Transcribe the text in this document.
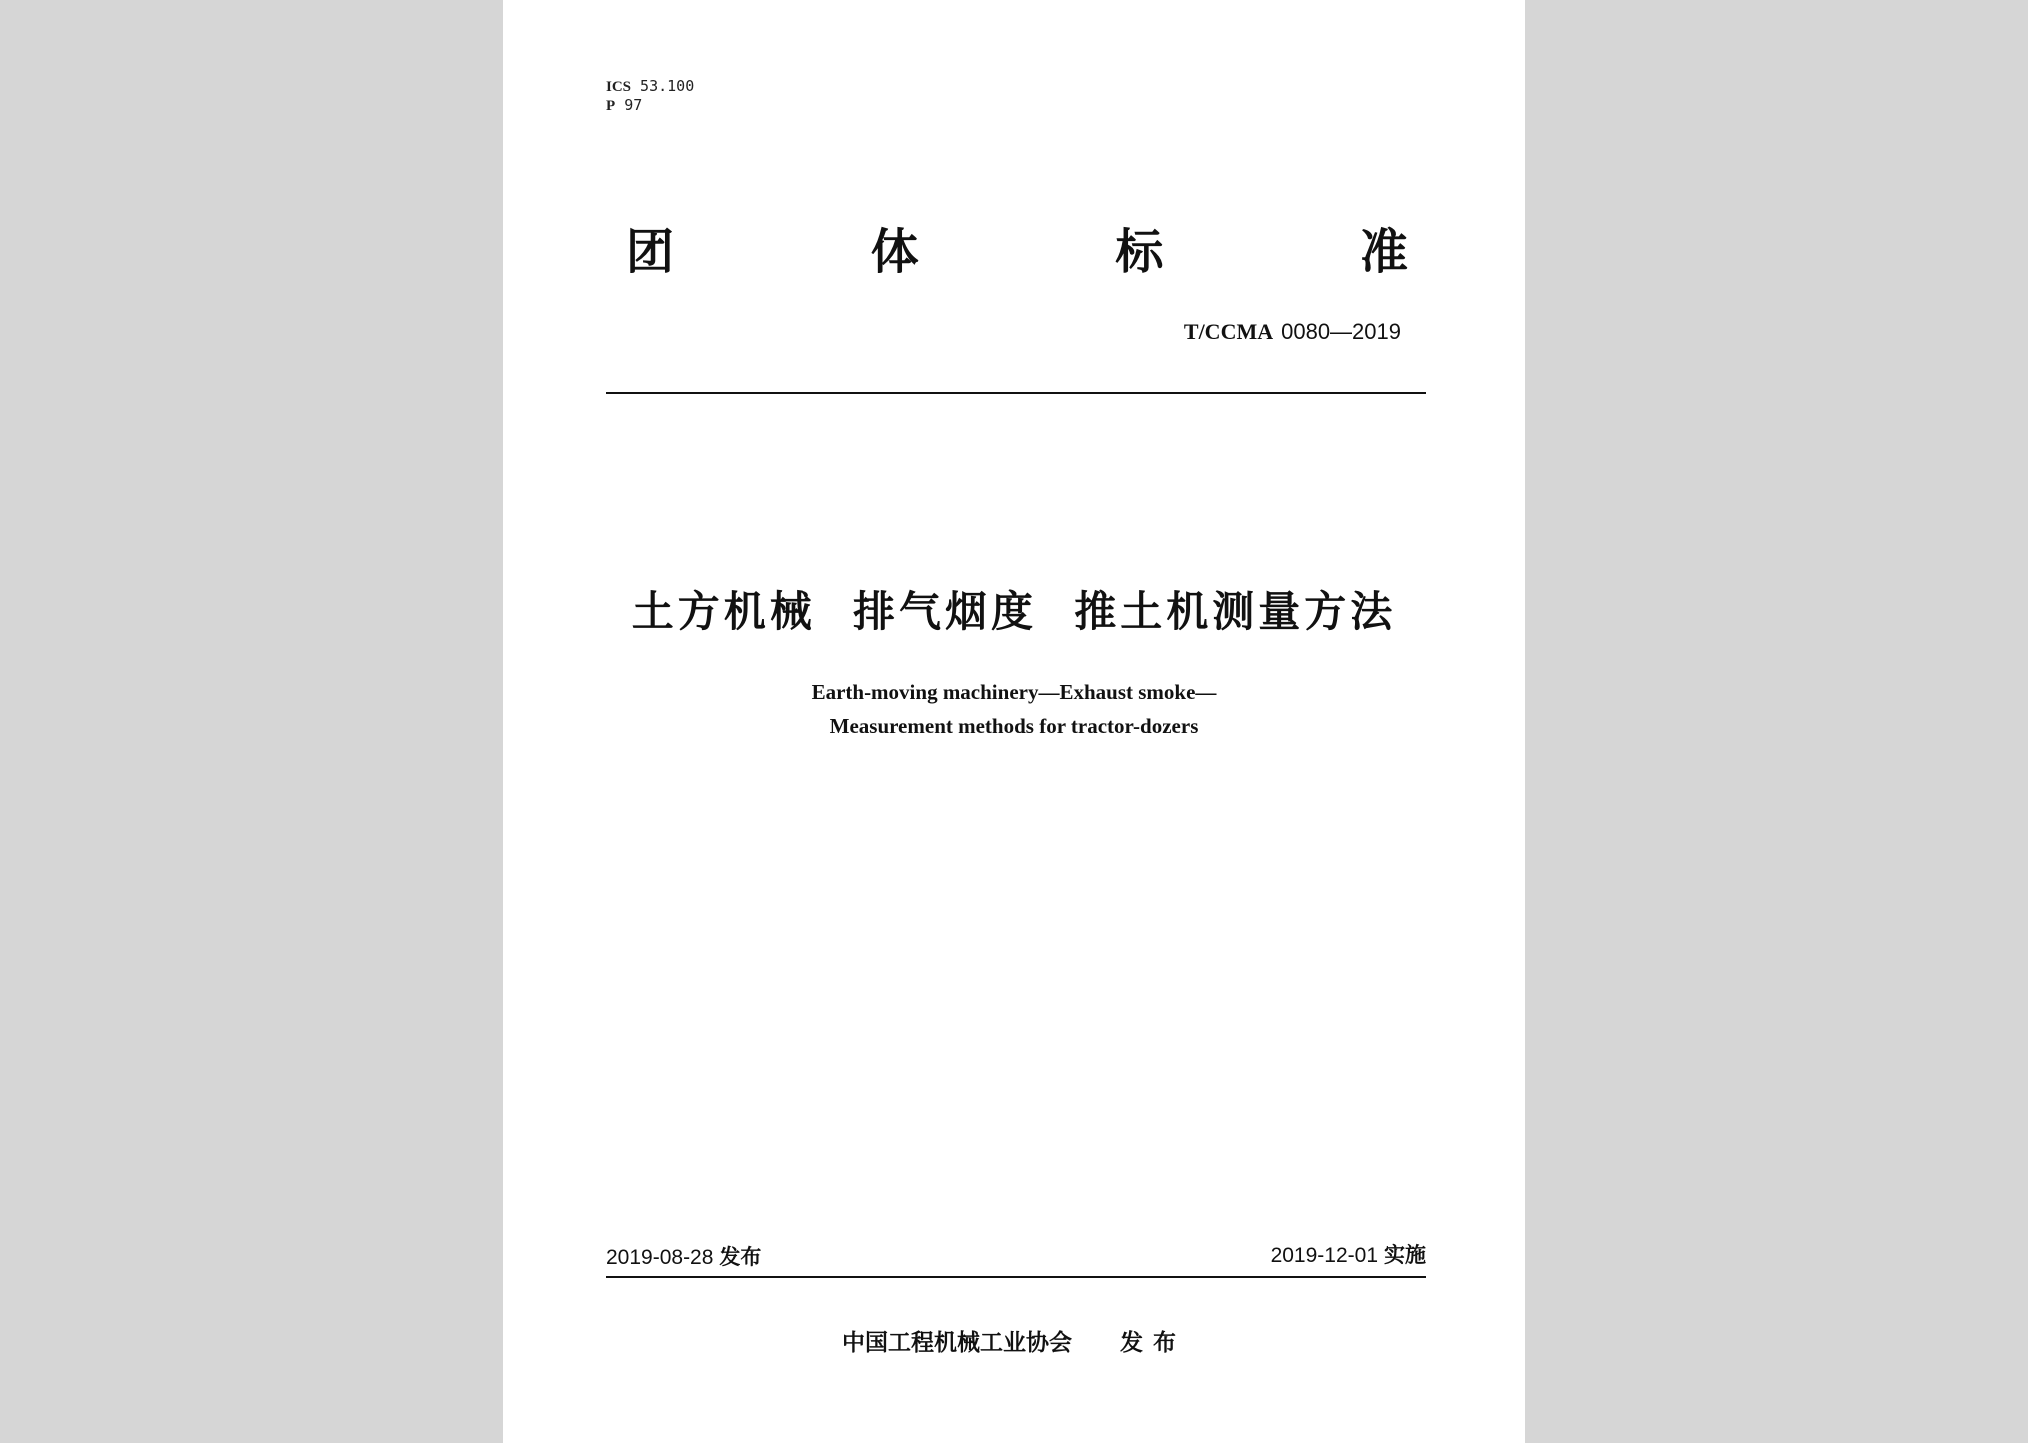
ICS 53.100
P 97
团	体	标	准
T/CCMA 0080—2019
土方机械  排气烟度  推土机测量方法
Earth-moving machinery—Exhaust smoke—
Measurement methods for tractor-dozers
2019-08-28 发布	2019-12-01 实施
中国工程机械工业协会 发布
